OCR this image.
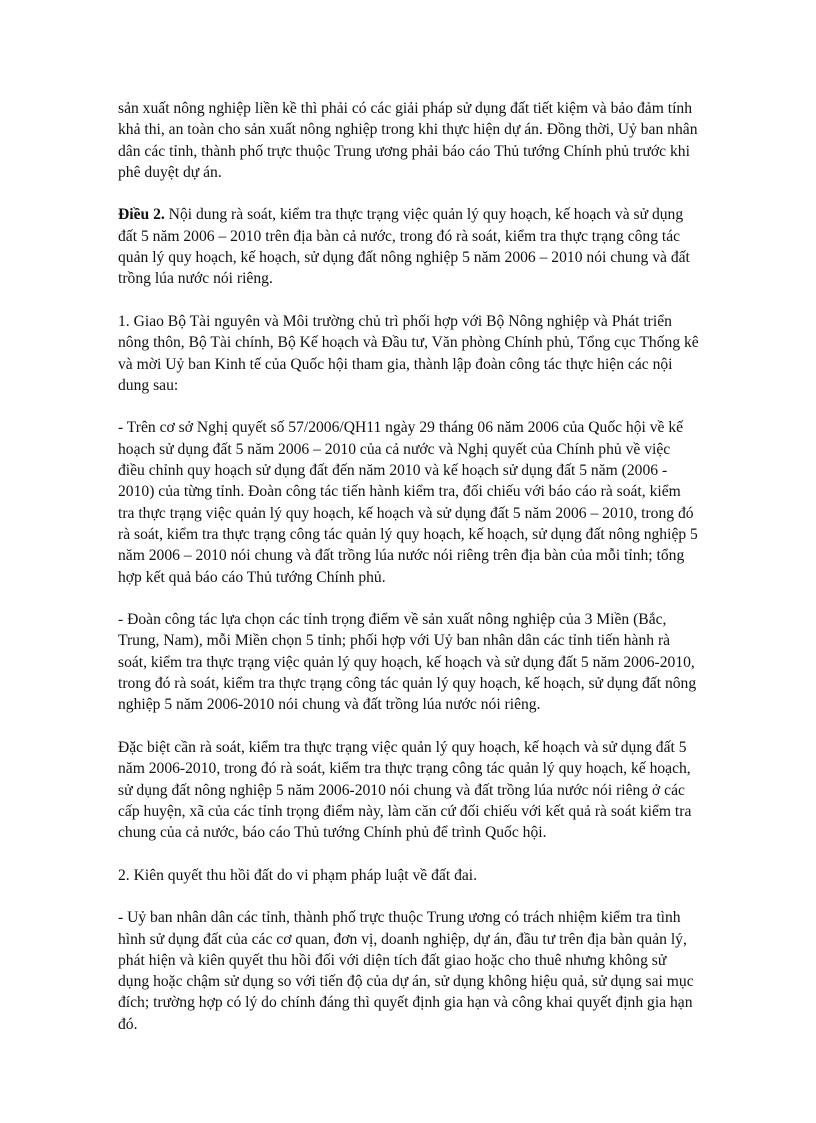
sản xuất nông nghiệp liền kề thì phải có các giải pháp sử dụng đất tiết kiệm và bảo đảm tính khả thi, an toàn cho sản xuất nông nghiệp trong khi thực hiện dự án. Đồng thời, Uỷ ban nhân dân các tỉnh, thành phố trực thuộc Trung ương phải báo cáo Thủ tướng Chính phủ trước khi phê duyệt dự án.

Điều 2. Nội dung rà soát, kiểm tra thực trạng việc quản lý quy hoạch, kế hoạch và sử dụng đất 5 năm 2006 – 2010 trên địa bàn cả nước, trong đó rà soát, kiểm tra thực trạng công tác quản lý quy hoạch, kế hoạch, sử dụng đất nông nghiệp 5 năm 2006 – 2010 nói chung và đất trồng lúa nước nói riêng.

1. Giao Bộ Tài nguyên và Môi trường chủ trì phối hợp với Bộ Nông nghiệp và Phát triển nông thôn, Bộ Tài chính, Bộ Kế hoạch và Đầu tư, Văn phòng Chính phủ, Tổng cục Thống kê và mời Uỷ ban Kinh tế của Quốc hội tham gia, thành lập đoàn công tác thực hiện các nội dung sau:

- Trên cơ sở Nghị quyết số 57/2006/QH11 ngày 29 tháng 06 năm 2006 của Quốc hội về kế hoạch sử dụng đất 5 năm 2006 – 2010 của cả nước và Nghị quyết của Chính phủ về việc điều chỉnh quy hoạch sử dụng đất đến năm 2010 và kế hoạch sử dụng đất 5 năm (2006 - 2010) của từng tỉnh. Đoàn công tác tiến hành kiểm tra, đối chiếu với báo cáo rà soát, kiểm tra thực trạng việc quản lý quy hoạch, kế hoạch và sử dụng đất 5 năm 2006 – 2010, trong đó rà soát, kiểm tra thực trạng công tác quản lý quy hoạch, kế hoạch, sử dụng đất nông nghiệp 5 năm 2006 – 2010 nói chung và đất trồng lúa nước nói riêng trên địa bàn của mỗi tỉnh; tổng hợp kết quả báo cáo Thủ tướng Chính phủ.

- Đoàn công tác lựa chọn các tỉnh trọng điểm về sản xuất nông nghiệp của 3 Miền (Bắc, Trung, Nam), mỗi Miền chọn 5 tỉnh; phối hợp với Uỷ ban nhân dân các tỉnh tiến hành rà soát, kiểm tra thực trạng việc quản lý quy hoạch, kế hoạch và sử dụng đất 5 năm 2006-2010, trong đó rà soát, kiểm tra thực trạng công tác quản lý quy hoạch, kế hoạch, sử dụng đất nông nghiệp 5 năm 2006-2010 nói chung và đất trồng lúa nước nói riêng.

Đặc biệt cần rà soát, kiểm tra thực trạng việc quản lý quy hoạch, kế hoạch và sử dụng đất 5 năm 2006-2010, trong đó rà soát, kiểm tra thực trạng công tác quản lý quy hoạch, kế hoạch, sử dụng đất nông nghiệp 5 năm 2006-2010 nói chung và đất trồng lúa nước nói riêng ở các cấp huyện, xã của các tỉnh trọng điểm này, làm căn cứ đối chiếu với kết quả rà soát kiểm tra chung của cả nước, báo cáo Thủ tướng Chính phủ để trình Quốc hội.

2. Kiên quyết thu hồi đất do vi phạm pháp luật về đất đai.

- Uỷ ban nhân dân các tỉnh, thành phố trực thuộc Trung ương có trách nhiệm kiểm tra tình hình sử dụng đất của các cơ quan, đơn vị, doanh nghiệp, dự án, đầu tư trên địa bàn quản lý, phát hiện và kiên quyết thu hồi đối với diện tích đất giao hoặc cho thuê nhưng không sử dụng hoặc chậm sử dụng so với tiến độ của dự án, sử dụng không hiệu quả, sử dụng sai mục đích; trường hợp có lý do chính đáng thì quyết định gia hạn và công khai quyết định gia hạn đó.
